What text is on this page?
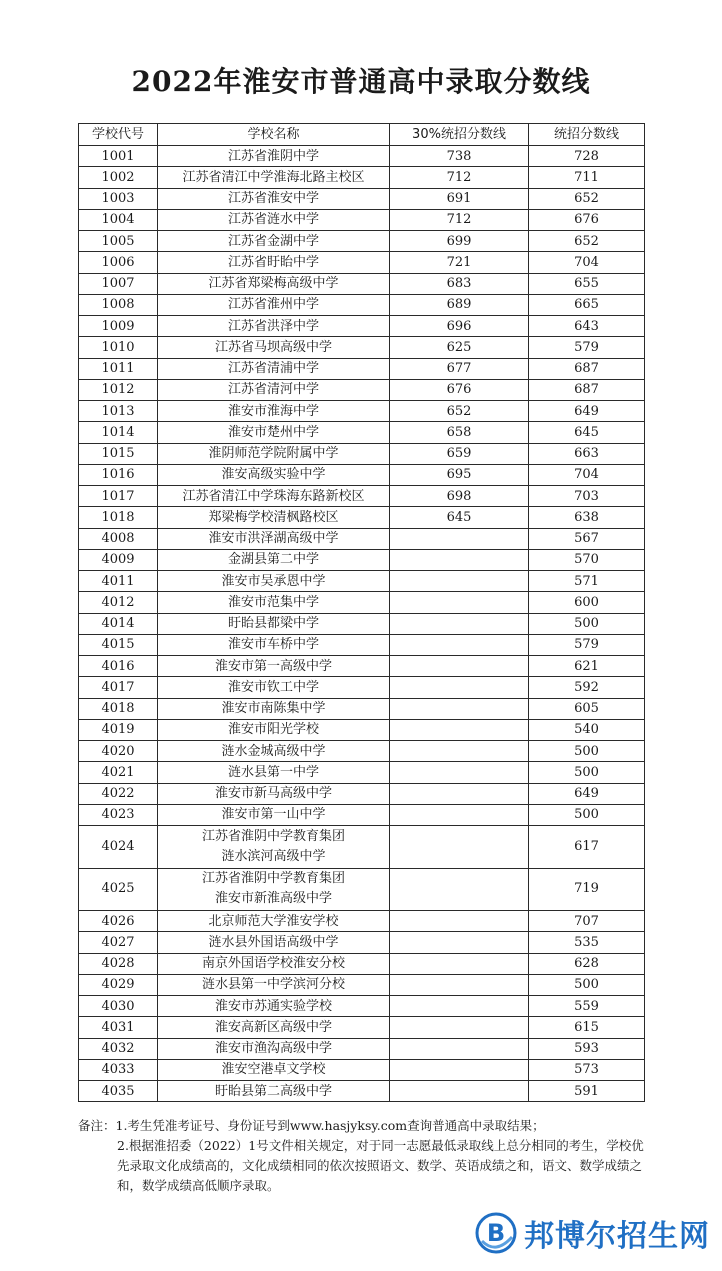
2022年淮安市普通高中录取分数线
学校代号	学校名称	30%统招分数线	统招分数线
1001	江苏省淮阴中学	738	728
1002	江苏省清江中学淮海北路主校区	712	711
1003	江苏省淮安中学	691	652
1004	江苏省涟水中学	712	676
1005	江苏省金湖中学	699	652
1006	江苏省盱眙中学	721	704
1007	江苏省郑梁梅高级中学	683	655
1008	江苏省淮州中学	689	665
1009	江苏省洪泽中学	696	643
1010	江苏省马坝高级中学	625	579
1011	江苏省清浦中学	677	687
1012	江苏省清河中学	676	687
1013	淮安市淮海中学	652	649
1014	淮安市楚州中学	658	645
1015	淮阴师范学院附属中学	659	663
1016	淮安高级实验中学	695	704
1017	江苏省清江中学珠海东路新校区	698	703
1018	郑梁梅学校清枫路校区	645	638
4008	淮安市洪泽湖高级中学		567
4009	金湖县第二中学		570
4011	淮安市吴承恩中学		571
4012	淮安市范集中学		600
4014	盱眙县都梁中学		500
4015	淮安市车桥中学		579
4016	淮安市第一高级中学		621
4017	淮安市钦工中学		592
4018	淮安市南陈集中学		605
4019	淮安市阳光学校		540
4020	涟水金城高级中学		500
4021	涟水县第一中学		500
4022	淮安市新马高级中学		649
4023	淮安市第一山中学		500
4024	江苏省淮阴中学教育集团
涟水滨河高级中学		617
4025	江苏省淮阴中学教育集团
淮安市新淮高级中学		719
4026	北京师范大学淮安学校		707
4027	涟水县外国语高级中学		535
4028	南京外国语学校淮安分校		628
4029	涟水县第一中学滨河分校		500
4030	淮安市苏通实验学校		559
4031	淮安高新区高级中学		615
4032	淮安市渔沟高级中学		593
4033	淮安空港卓文学校		573
4035	盱眙县第二高级中学		591

备注：1.考生凭准考证号、身份证号到www.hasjyksy.com查询普通高中录取结果；

2.根据淮招委（2022）1号文件相关规定，对于同一志愿最低录取线上总分相同的考生，学校优先录取文化成绩高的，文化成绩相同的依次按照语文、数学、英语成绩之和，语文、数学成绩之和，数学成绩高低顺序录取。

B 邦博尔招生网
